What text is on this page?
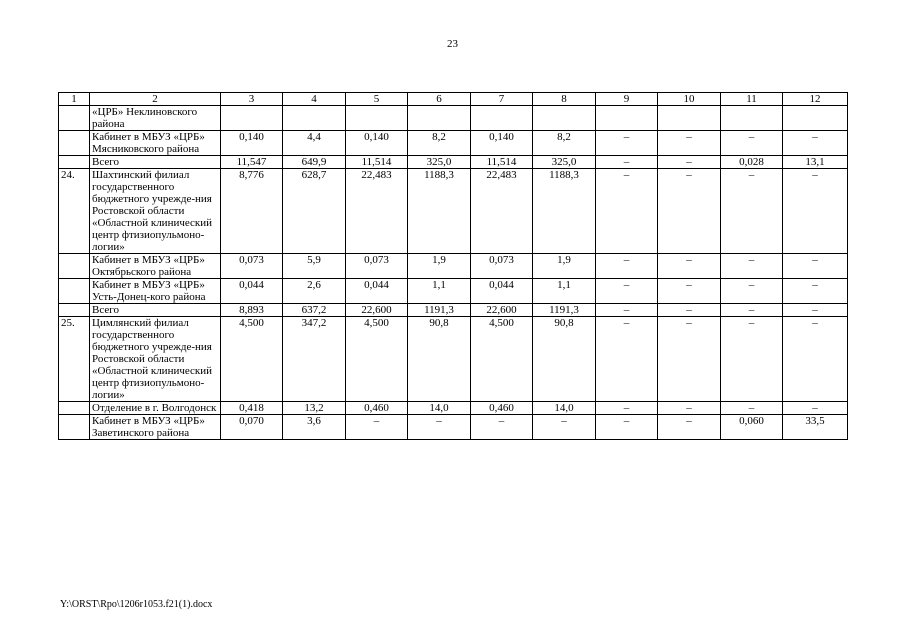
23
1	2	3	4	5	6	7	8	9	10	11	12
	«ЦРБ» Неклиновского района										
	Кабинет в МБУЗ «ЦРБ» Мясниковского района	0,140	4,4	0,140	8,2	0,140	8,2	–	–	–	–
	Всего	11,547	649,9	11,514	325,0	11,514	325,0	–	–	0,028	13,1
24.	Шахтинский филиал государственного бюджетного учрежде-ния Ростовской области «Областной клинический центр фтизиопульмоно-логии»	8,776	628,7	22,483	1188,3	22,483	1188,3	–	–	–	–
	Кабинет в МБУЗ «ЦРБ» Октябрьского района	0,073	5,9	0,073	1,9	0,073	1,9	–	–	–	–
	Кабинет в МБУЗ «ЦРБ» Усть-Донец-кого района	0,044	2,6	0,044	1,1	0,044	1,1	–	–	–	–
	Всего	8,893	637,2	22,600	1191,3	22,600	1191,3	–	–	–	–
25.	Цимлянский филиал государственного бюджетного учрежде-ния Ростовской области «Областной клинический центр фтизиопульмоно-логии»	4,500	347,2	4,500	90,8	4,500	90,8	–	–	–	–
	Отделение в г. Волгодонск	0,418	13,2	0,460	14,0	0,460	14,0	–	–	–	–
	Кабинет в МБУЗ «ЦРБ» Заветинского района	0,070	3,6	–	–	–	–	–	–	0,060	33,5
Y:\ORST\Rpo\1206r1053.f21(1).docx
